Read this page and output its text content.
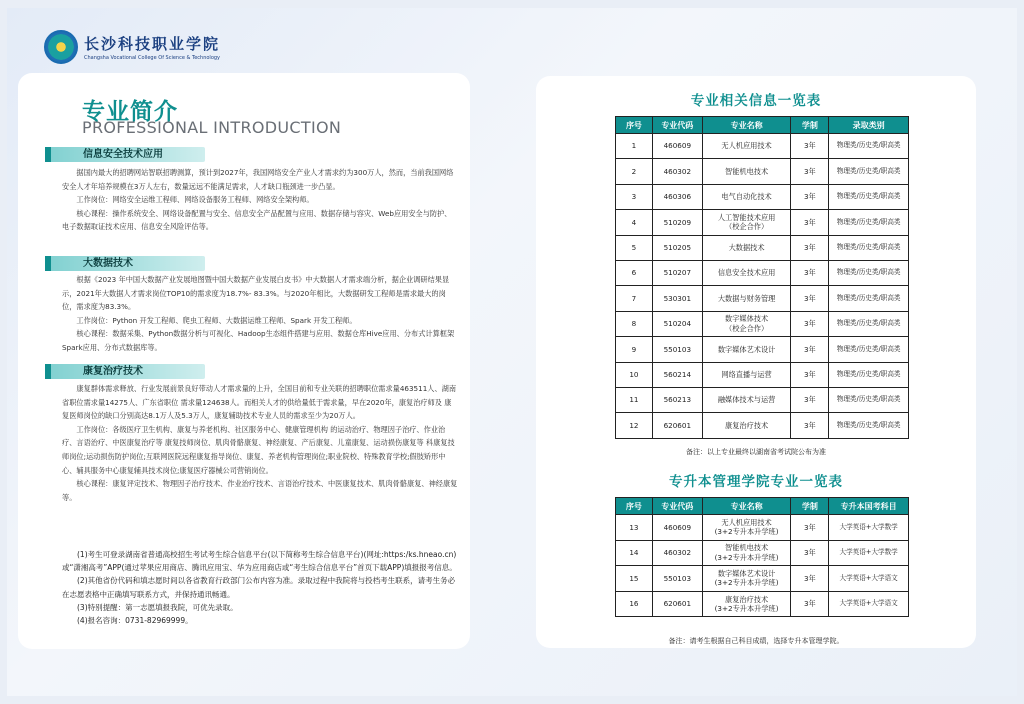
长沙科技职业学院
Changsha Vocational College Of Science & Technology
专业简介
PROFESSIONAL INTRODUCTION
信息安全技术应用

据国内最大的招聘网站智联招聘测算，预计到2027年，我国网络安全产业人才需求约为300万人，然而，当前我国网络安全人才年培养规模在3万人左右，数量远远不能满足需求，人才缺口瓶颈进一步凸显。

工作岗位：网络安全运维工程师、网络设备服务工程师、网络安全架构师。

核心课程：操作系统安全、网络设备配置与安全、信息安全产品配置与应用、数据存储与容灾、Web应用安全与防护、电子数据取证技术应用、信息安全风险评估等。

大数据技术

根据《2023 年中国大数据产业发展地图暨中国大数据产业发展白皮书》中大数据人才需求端分析，据企业调研结果显示，2021年大数据人才需求岗位TOP10的需求度为18.7%- 83.3%。与2020年相比，大数据研发工程师是需求最大的岗位，需求度为83.3%。

工作岗位：Python 开发工程师、爬虫工程师、大数据运维工程师、Spark 开发工程师。

核心课程：数据采集、Python数据分析与可视化、Hadoop生态组件搭建与应用、数据仓库Hive应用、分布式计算框架Spark应用、分布式数据库等。

康复治疗技术

康复群体需求释放、行业发展前景良好带动人才需求量的上升，全国目前和专业关联的招聘职位需求量463511人、湖南省职位需求量14275人、广东省职位 需求量124638人。而相关人才的供给量低于需求量，早在2020年，康复治疗师及 康复医师岗位的缺口分别高达8.1万人及5.3万人，康复辅助技术专业人员的需求至少为20万人。

工作岗位：各级医疗卫生机构、康复与养老机构、社区服务中心、健康管理机构 的运动治疗、物理因子治疗、作业治疗、言语治疗、中医康复治疗等 康复技师岗位、肌肉骨骼康复、神经康复、产后康复、儿童康复、运动损伤康复等 科康复技师岗位;运动损伤防护岗位;互联网医院远程康复指导岗位、康复、养老机构管理岗位;职业院校、特殊教育学校;假肢矫形中心、辅具服务中心康复辅具技术岗位;康复医疗器械公司营销岗位。

核心课程：康复评定技术、物理因子治疗技术、作业治疗技术、言语治疗技术、中医康复技术、肌肉骨骼康复、神经康复等。

(1)考生可登录湖南省普通高校招生考试考生综合信息平台(以下简称考生综合信息平台)(网址:https:/ks.hneao.cn)或“潇湘高考”APP(通过苹果应用商店、腾讯应用宝、华为应用商店或“考生综合信息平台”首页下载APP)填报报考信息。

(2)其他省份代码和填志愿时间以各省教育行政部门公布内容为准。录取过程中我院将与投档考生联系，请考生务必在志愿表格中正确填写联系方式，并保持通讯畅通。

(3)特别提醒：第一志愿填报我院，可优先录取。

(4)报名咨询：0731-82969999。

专业相关信息一览表
序号	专业代码	专业名称	学制	录取类别
1	460609	无人机应用技术	3年	物理类/历史类/职高类
2	460302	智能机电技术	3年	物理类/历史类/职高类
3	460306	电气自动化技术	3年	物理类/历史类/职高类
4	510209	人工智能技术应用
（校企合作）	3年	物理类/历史类/职高类
5	510205	大数据技术	3年	物理类/历史类/职高类
6	510207	信息安全技术应用	3年	物理类/历史类/职高类
7	530301	大数据与财务管理	3年	物理类/历史类/职高类
8	510204	数字媒体技术
（校企合作）	3年	物理类/历史类/职高类
9	550103	数字媒体艺术设计	3年	物理类/历史类/职高类
10	560214	网络直播与运营	3年	物理类/历史类/职高类
11	560213	融媒体技术与运营	3年	物理类/历史类/职高类
12	620601	康复治疗技术	3年	物理类/历史类/职高类
备注：以上专业最终以湖南省考试院公布为准
专升本管理学院专业一览表
序号	专业代码	专业名称	学制	专升本国考科目
13	460609	无人机应用技术
(3+2专升本升学班)	3年	大学英语+大学数学
14	460302	智能机电技术
(3+2专升本升学班)	3年	大学英语+大学数学
15	550103	数字媒体艺术设计
(3+2专升本升学班)	3年	大学英语+大学语文
16	620601	康复治疗技术
(3+2专升本升学班)	3年	大学英语+大学语文
备注：请考生根据自己科目成绩，选择专升本管理学院。
